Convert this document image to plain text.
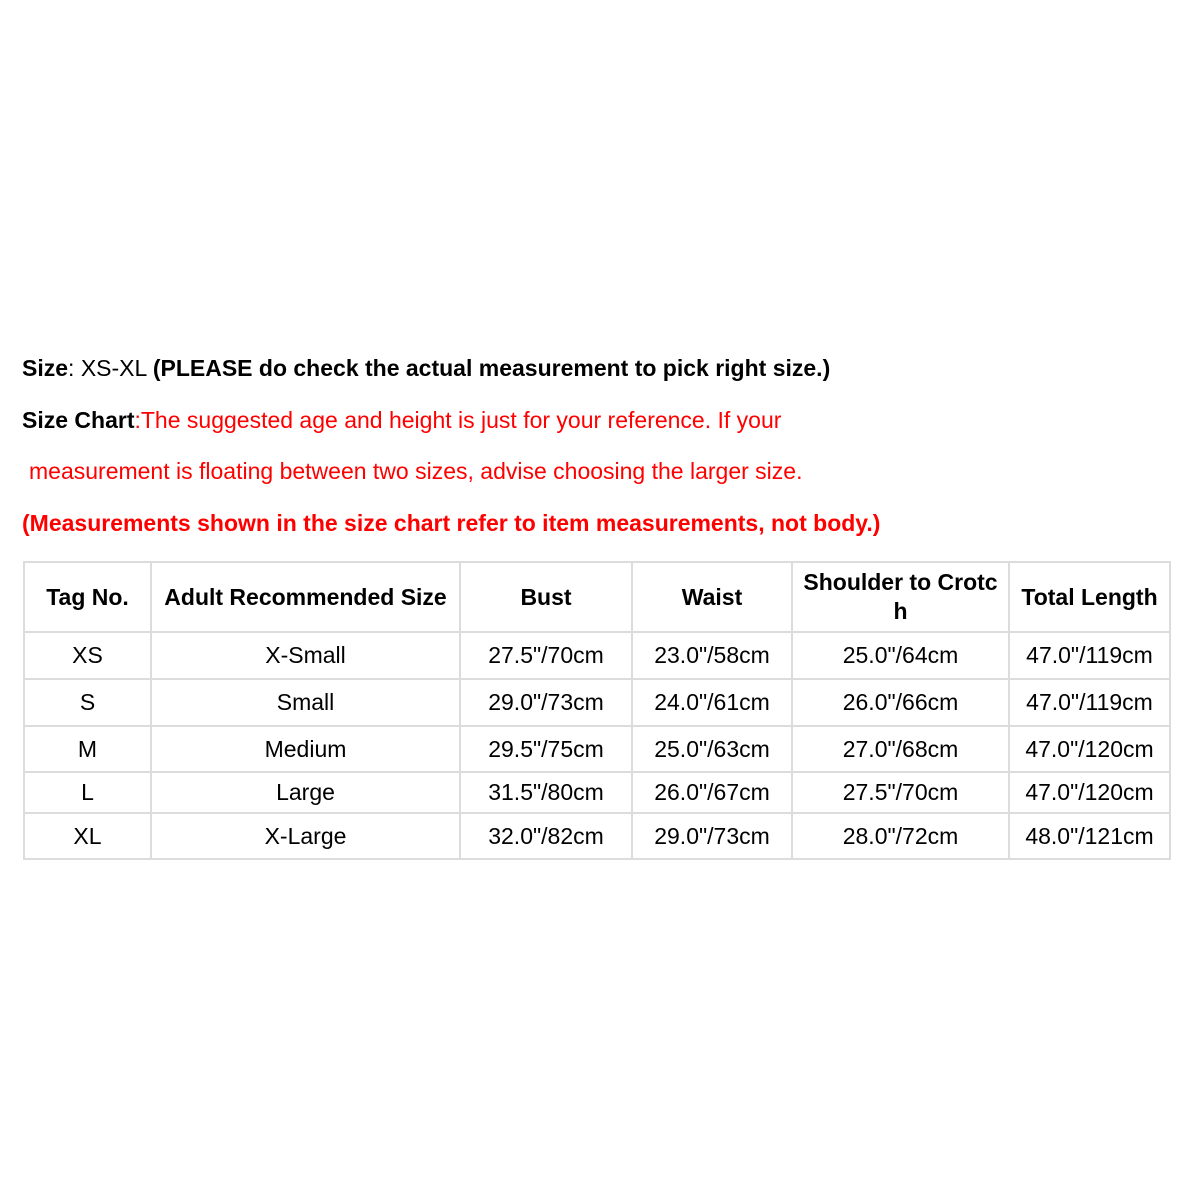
Size: XS-XL (PLEASE do check the actual measurement to pick right size.)
Size Chart:The suggested age and height is just for your reference. If your
measurement is floating between two sizes, advise choosing the larger size.
(Measurements shown in the size chart refer to item measurements, not body.)
Tag No.	Adult Recommended Size	Bust	Waist	Shoulder to Crotch	Total Length
XS	X-Small	27.5"/70cm	23.0"/58cm	25.0"/64cm	47.0"/119cm
S	Small	29.0"/73cm	24.0"/61cm	26.0"/66cm	47.0"/119cm
M	Medium	29.5"/75cm	25.0"/63cm	27.0"/68cm	47.0"/120cm
L	Large	31.5"/80cm	26.0"/67cm	27.5"/70cm	47.0"/120cm
XL	X-Large	32.0"/82cm	29.0"/73cm	28.0"/72cm	48.0"/121cm
